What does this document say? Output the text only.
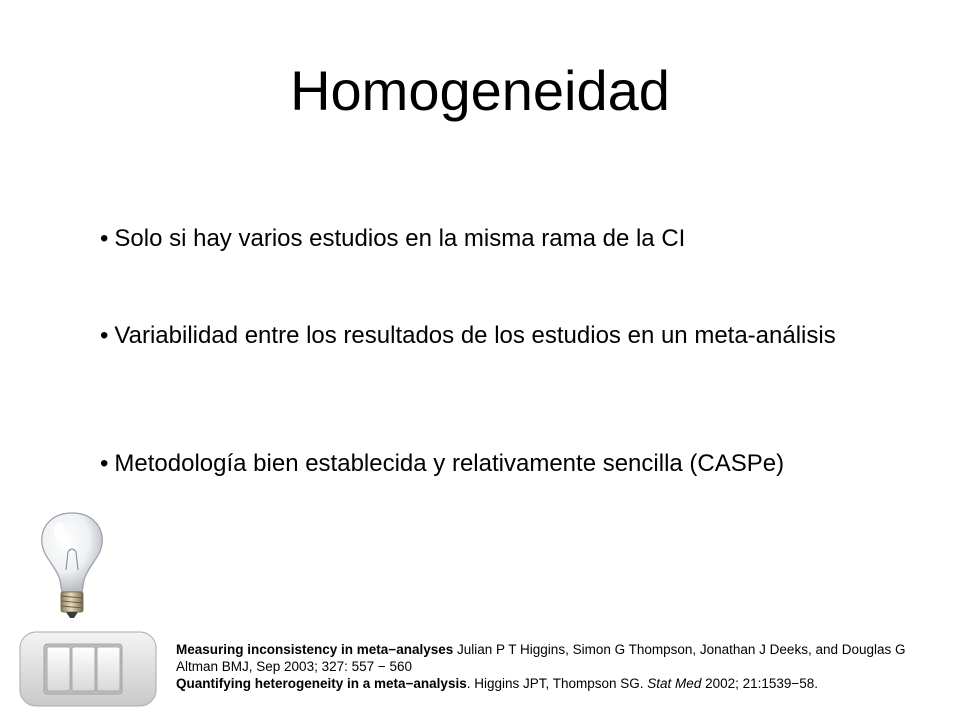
Homogeneidad
• Solo si hay varios estudios en la misma rama de la CI
• Variabilidad entre los resultados de los estudios en un meta-análisis
• Metodología bien establecida y relativamente sencilla (CASPe)
Measuring inconsistency in meta−analyses Julian P T Higgins, Simon G Thompson, Jonathan J Deeks, and Douglas G Altman BMJ, Sep 2003; 327: 557 − 560
Quantifying heterogeneity in a meta−analysis. Higgins JPT, Thompson SG. Stat Med 2002; 21:1539−58.
